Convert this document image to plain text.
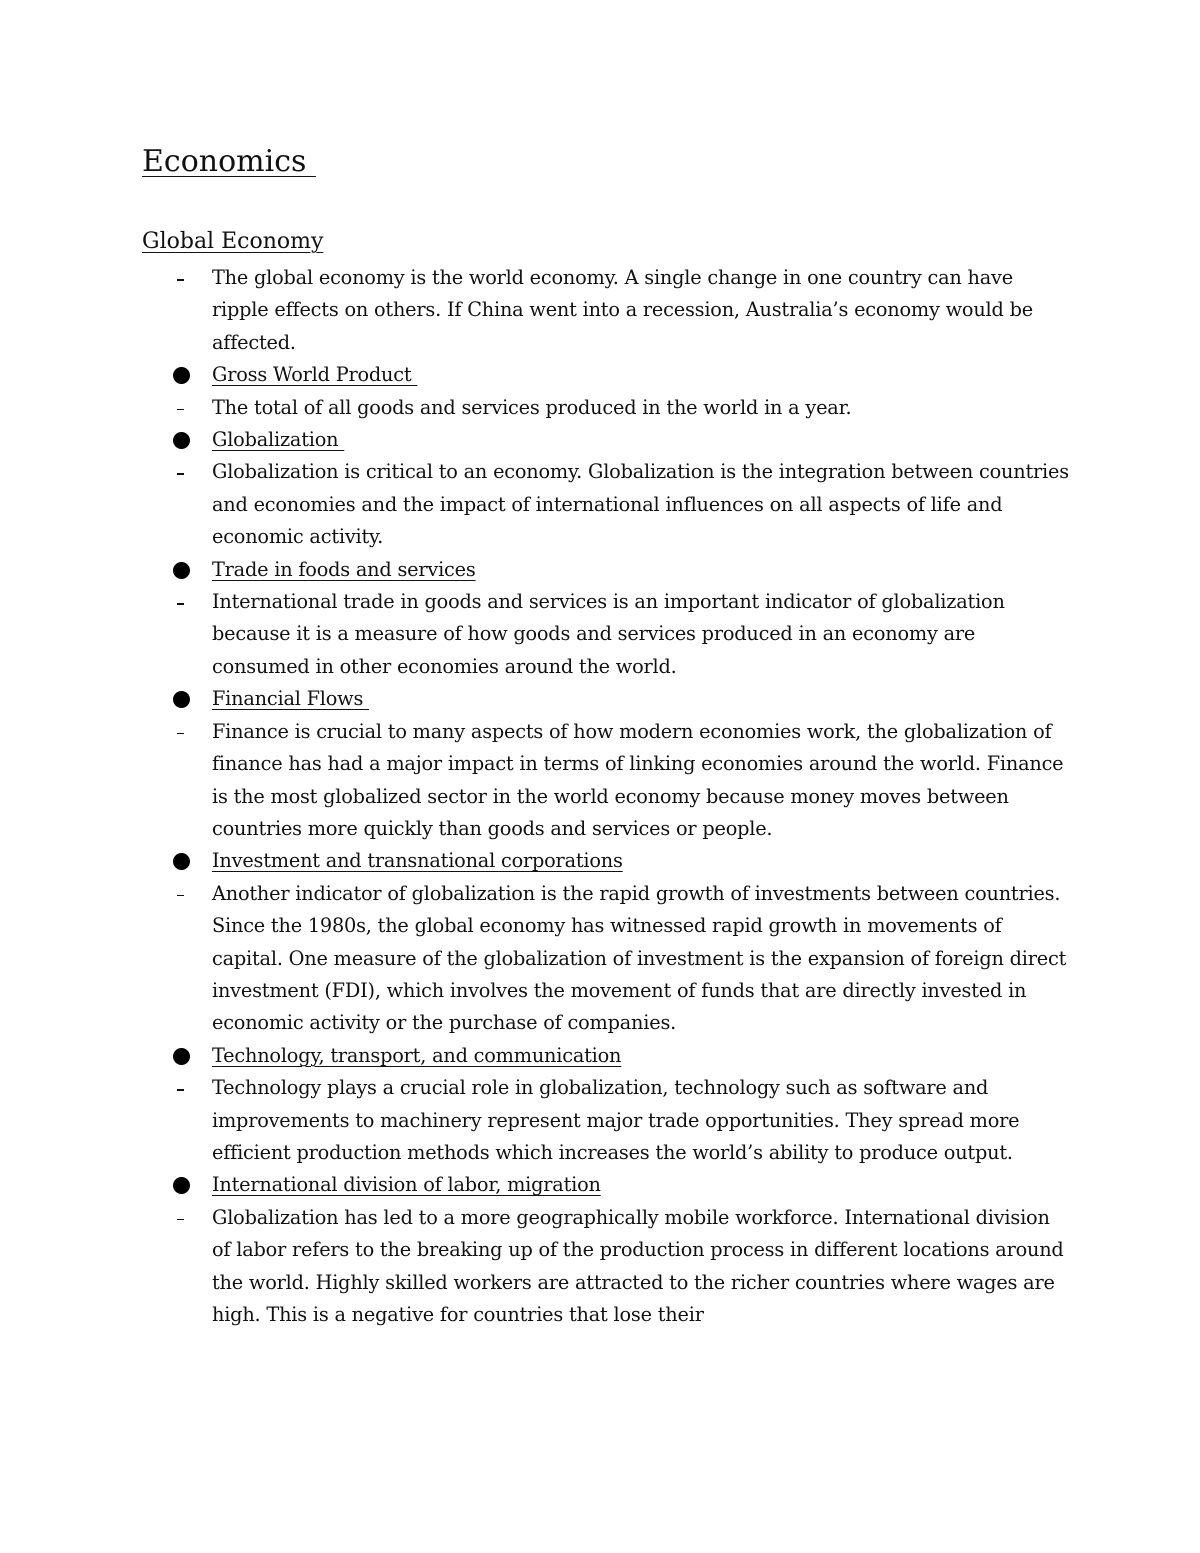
Economics
Global Economy
The global economy is the world economy. A single change in one country can have ripple effects on others. If China went into a recession, Australia’s economy would be affected.
Gross World Product
The total of all goods and services produced in the world in a year.
Globalization
Globalization is critical to an economy. Globalization is the integration between countries and economies and the impact of international influences on all aspects of life and economic activity.
Trade in foods and services
International trade in goods and services is an important indicator of globalization because it is a measure of how goods and services produced in an economy are consumed in other economies around the world.
Financial Flows
Finance is crucial to many aspects of how modern economies work, the globalization of finance has had a major impact in terms of linking economies around the world. Finance is the most globalized sector in the world economy because money moves between countries more quickly than goods and services or people.
Investment and transnational corporations
Another indicator of globalization is the rapid growth of investments between countries. Since the 1980s, the global economy has witnessed rapid growth in movements of capital. One measure of the globalization of investment is the expansion of foreign direct investment (FDI), which involves the movement of funds that are directly invested in economic activity or the purchase of companies.
Technology, transport, and communication
Technology plays a crucial role in globalization, technology such as software and improvements to machinery represent major trade opportunities. They spread more efficient production methods which increases the world’s ability to produce output.
International division of labor, migration
Globalization has led to a more geographically mobile workforce. International division of labor refers to the breaking up of the production process in different locations around the world. Highly skilled workers are attracted to the richer countries where wages are high. This is a negative for countries that lose their
